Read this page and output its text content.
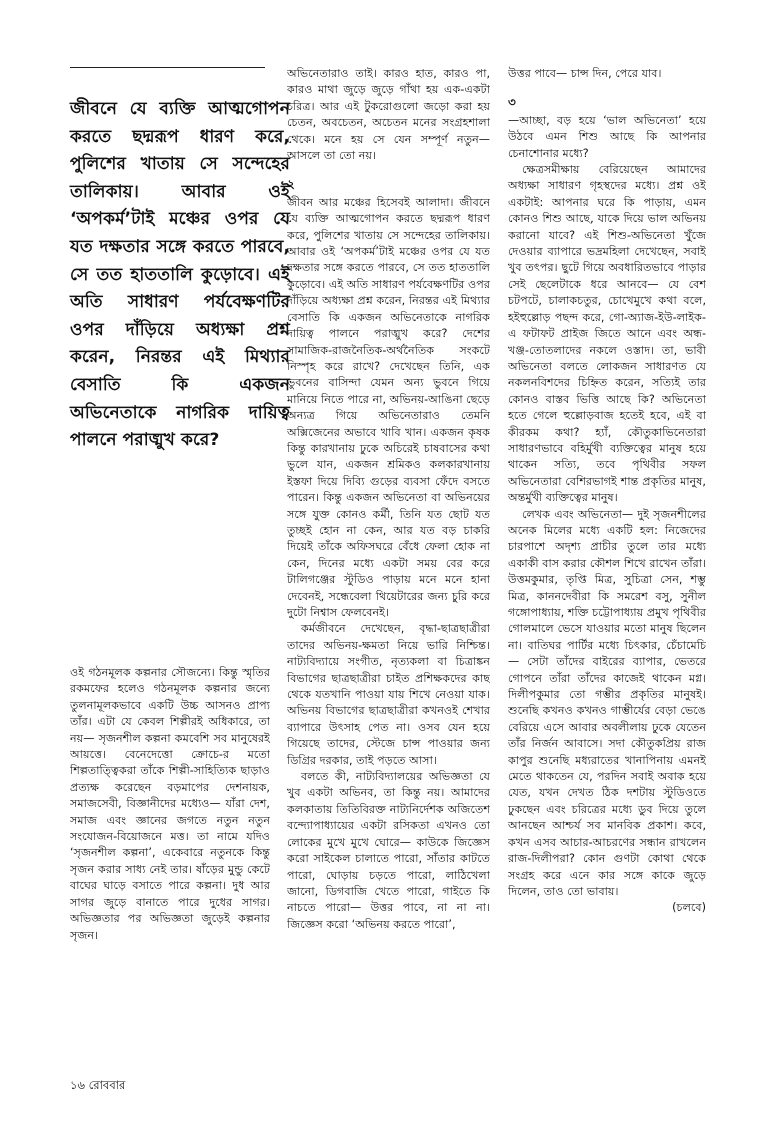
জীবনে যে ব্যক্তি আত্মগোপন করতে ছদ্মরূপ ধারণ করে, পুলিশের খাতায় সে সন্দেহের তালিকায়। আবার ওই ‘অপকর্ম’টাই মঞ্চের ওপর যে যত দক্ষতার সঙ্গে করতে পারবে, সে তত হাততালি কুড়োবে। এই অতি সাধারণ পর্যবেক্ষণটির ওপর দাঁড়িয়ে অধ্যক্ষা প্রশ্ন করেন, নিরন্তর এই মিথ্যার বেসাতি কি একজন অভিনেতাকে নাগরিক দায়িত্ব পালনে পরাঙ্মুখ করে?

ওই গঠনমূলক কল্পনার সৌজন্যে। কিন্তু স্মৃতির রকমফের হলেও গঠনমূলক কল্পনার জন্যে তুলনামূলকভাবে একটি উচ্চ আসনও প্রাপ্য তাঁর। এটা যে কেবল শিল্পীরই অধিকারে, তা নয়— সৃজনশীল কল্পনা কমবেশি সব মানুষেরই আয়ত্তে। বেনেদেত্তো ক্রোচে-র মতো শিল্পতাত্ত্বিকরা তাঁকে শিল্পী-সাহিত্যিক ছাড়াও প্রত্যক্ষ করেছেন বড়মাপের দেশনায়ক, সমাজসেবী, বিজ্ঞানীদের মধ্যেও— যাঁরা দেশ, সমাজ এবং জ্ঞানের জগতে নতুন নতুন সংযোজন-বিয়োজনে মত্ত। তা নামে যদিও ‘সৃজনশীল কল্পনা’, একেবারে নতুনকে কিন্তু সৃজন করার সাধ্য নেই তার। ষাঁড়ের মুন্ডু কেটে বাঘের ঘাড়ে বসাতে পারে কল্পনা। দুধ আর সাগর জুড়ে বানাতে পারে দুধের সাগর। অভিজ্ঞতার পর অভিজ্ঞতা জুড়েই কল্পনার সৃজন।

অভিনেতারাও তাই। কারও হাত, কারও পা, কারও মাথা জুড়ে জুড়ে গাঁথা হয় এক-একটা চরিত্র। আর এই টুকরোগুলো জড়ো করা হয় চেতন, অবচেতন, অচেতন মনের সংগ্রহশালা থেকে। মনে হয় সে যেন সম্পূর্ণ নতুন— আসলে তা তো নয়।

২

জীবন আর মঞ্চের হিসেবই আলাদা। জীবনে যে ব্যক্তি আত্মগোপন করতে ছদ্মরূপ ধারণ করে, পুলিশের খাতায় সে সন্দেহের তালিকায়। আবার ওই ‘অপকর্ম’টাই মঞ্চের ওপর যে যত দক্ষতার সঙ্গে করতে পারবে, সে তত হাততালি কুড়োবে। এই অতি সাধারণ পর্যবেক্ষণটির ওপর দাঁড়িয়ে অধ্যক্ষা প্রশ্ন করেন, নিরন্তর এই মিথ্যার বেসাতি কি একজন অভিনেতাকে নাগরিক দায়িত্ব পালনে পরাঙ্মুখ করে? দেশের সামাজিক-রাজনৈতিক-অর্থনৈতিক সংকটে নিস্পৃহ করে রাখে? দেখেছেন তিনি, এক ভুবনের বাসিন্দা যেমন অন্য ভুবনে গিয়ে মানিয়ে নিতে পারে না, অভিনয়-আঙিনা ছেড়ে অন্যত্র গিয়ে অভিনেতারাও তেমনি অক্সিজেনের অভাবে খাবি খান। একজন কৃষক কিন্তু কারখানায় ঢুকে অচিরেই চাষবাসের কথা ভুলে যান, একজন শ্রমিকও কলকারখানায় ইস্তফা দিয়ে দিব্যি গুড়ের ব্যবসা ফেঁদে বসতে পারেন। কিন্তু একজন অভিনেতা বা অভিনয়ের সঙ্গে যুক্ত কোনও কর্মী, তিনি যত ছোট যত তুচ্ছই হোন না কেন, আর যত বড় চাকরি দিয়েই তাঁকে অফিসঘরে বেঁধে ফেলা হোক না কেন, দিনের মধ্যে একটা সময় বের করে টালিগঞ্জের স্টুডিও পাড়ায় মনে মনে হানা দেবেনই, সন্ধেবেলা থিয়েটারের জন্য চুরি করে দুটো নিশ্বাস ফেলবেনই।

কর্মজীবনে দেখেছেন, বৃদ্ধা-ছাত্রছাত্রীরা তাদের অভিনয়-ক্ষমতা নিয়ে ভারি নিশ্চিন্ত। নাট্যবিদ্যায়ে সংগীত, নৃত্যকলা বা চিত্রাঙ্কন বিভাগের ছাত্রছাত্রীরা চাইত প্রশিক্ষকদের কাছ থেকে যতখানি পাওয়া যায় শিখে নেওয়া যাক। অভিনয় বিভাগের ছাত্রছাত্রীরা কখনওই শেখার ব্যাপারে উৎসাহ পেত না। ওসব যেন হয়ে গিয়েছে তাদের, স্টেজে চান্স পাওয়ার জন্য ডিগ্রির দরকার, তাই পড়তে আসা।

বলতে কী, নাট্যবিদ্যালয়ের অভিজ্ঞতা যে খুব একটা অভিনব, তা কিন্তু নয়। আমাদের কলকাতায় তিতিবিরক্ত নাট্যনির্দেশক অজিতেশ বন্দ্যোপাধ্যায়ের একটা রসিকতা এখনও তো লোকের মুখে মুখে ঘোরে— কাউকে জিজ্ঞেস করো সাইকেল চালাতে পারো, সাঁতার কাটতে পারো, ঘোড়ায় চড়তে পারো, লাঠিখেলা জানো, ডিগবাজি খেতে পারো, গাইতে কি নাচতে পারো— উত্তর পাবে, না না না। জিজ্ঞেস করো ‘অভিনয় করতে পারো’,

উত্তর পাবে— চান্স দিন, পেরে যাব।

৩

—আচ্ছা, বড় হয়ে ‘ভাল অভিনেতা’ হয়ে উঠবে এমন শিশু আছে কি আপনার চেনাশোনার মধ্যে?

ক্ষেত্রসমীক্ষায় বেরিয়েছেন আমাদের অধ্যক্ষা সাধারণ গৃহস্থদের মধ্যে। প্রশ্ন ওই একটাই: আপনার ঘরে কি পাড়ায়, এমন কোনও শিশু আছে, যাকে দিয়ে ভাল অভিনয় করানো যাবে? এই শিশু-অভিনেতা খুঁজে দেওয়ার ব্যাপারে ভদ্রমহিলা দেখেছেন, সবাই খুব তৎপর। ছুটে গিয়ে অবধারিতভাবে পাড়ার সেই ছেলেটাকে ধরে আনবে— যে বেশ চটপটে, চালাকচতুর, চোখেমুখে কথা বলে, হইহুল্লোড় পছন্দ করে, গো-অ্যাজ-ইউ-লাইক-এ ফটাফট প্রাইজ জিতে আনে এবং অন্ধ-খঞ্জ-তোতলাদের নকলে ওস্তাদ। তা, ভাবী অভিনেতা বলতে লোকজন সাধারণত যে নকলনবিশদের চিহ্নিত করেন, সত্যিই তার কোনও বাস্তব ভিত্তি আছে কি? অভিনেতা হতে গেলে হুল্লোড়বাজ হতেই হবে, এই বা কীরকম কথা? হ্যাঁ, কৌতুকাভিনেতারা সাধারণভাবে বহির্মুখী ব্যক্তিত্বের মানুষ হয়ে থাকেন সত্যি, তবে পৃথিবীর সফল অভিনেতারা বেশিরভাগই শান্ত প্রকৃতির মানুষ, অন্তর্মুখী ব্যক্তিত্বের মানুষ।

লেখক এবং অভিনেতা— দুই সৃজনশীলের অনেক মিলের মধ্যে একটি হল: নিজেদের চারপাশে অদৃশ্য প্রাচীর তুলে তার মধ্যে একাকী বাস করার কৌশল শিখে রাখেন তাঁরা। উত্তমকুমার, তৃপ্তি মিত্র, সুচিত্রা সেন, শম্ভু মিত্র, কাননদেবীরা কি সমরেশ বসু, সুনীল গঙ্গোপাধ্যায়, শক্তি চট্টোপাধ্যায় প্রমুখ পৃথিবীর গোলমালে ভেসে যাওয়ার মতো মানুষ ছিলেন না। বাতিঘর পার্টির মধ্যে চিৎকার, চেঁচামেচি— সেটা তাঁদের বাইরের ব্যাপার, ভেতরে গোপনে তাঁরা তাঁদের কাজেই থাকেন মগ্ন। দিলীপকুমার তো গম্ভীর প্রকৃতির মানুষই। শুনেছি কখনও কখনও গাম্ভীর্যের বেড়া ভেঙে বেরিয়ে এসে আবার অবলীলায় ঢুকে যেতেন তাঁর নির্জন আবাসে। সদা কৌতুকপ্রিয় রাজ কাপুর শুনেছি মধ্যরাতের খানাপিনায় এমনই মেতে থাকতেন যে, পরদিন সবাই অবাক হয়ে যেত, যখন দেখত ঠিক দশটায় স্টুডিওতে ঢুকছেন এবং চরিত্রের মধ্যে ডুব দিয়ে তুলে আনছেন আশ্চর্য সব মানবিক প্রকাশ। কবে, কখন এসব আচার-আচরণের সন্ধান রাখলেন রাজ-দিলীপরা? কোন গুণটা কোথা থেকে সংগ্রহ করে এনে কার সঙ্গে কাকে জুড়ে দিলেন, তাও তো ভাবায়।

(চলবে)

১৬ রোববার
